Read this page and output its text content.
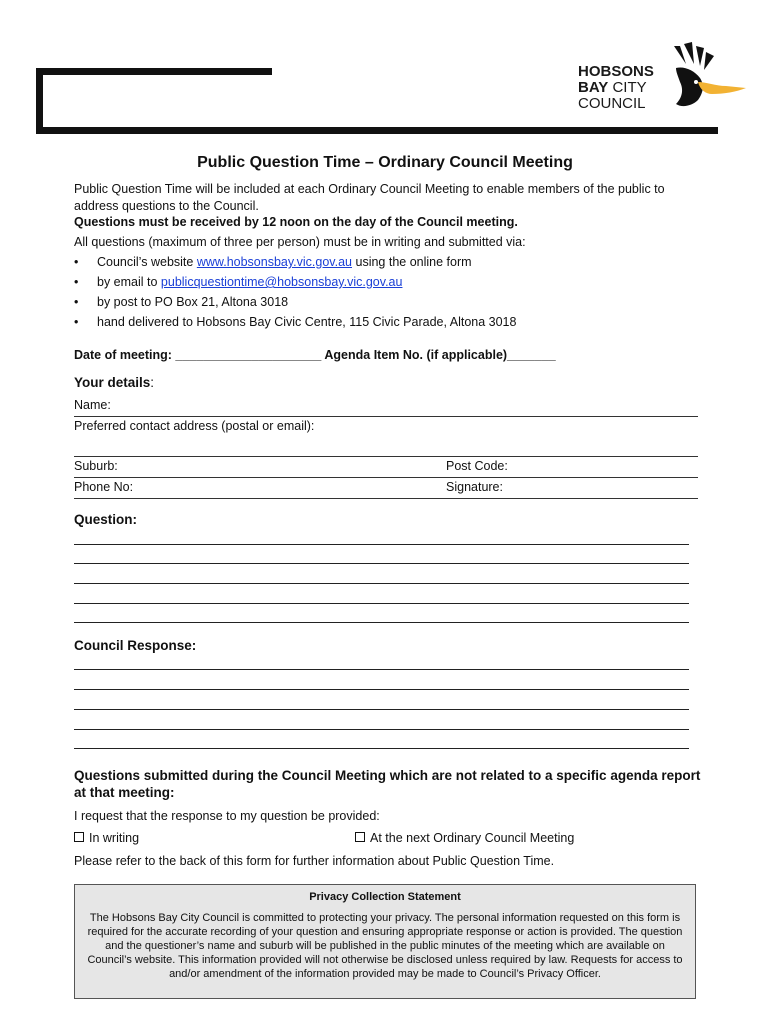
HOBSONS
BAY CITY
COUNCIL
Public Question Time – Ordinary Council Meeting
Public Question Time will be included at each Ordinary Council Meeting to enable members of the public to address questions to the Council.
Questions must be received by 12 noon on the day of the Council meeting.
All questions (maximum of three per person) must be in writing and submitted via:
• Council’s website www.hobsonsbay.vic.gov.au using the online form
• by email to publicquestiontime@hobsonsbay.vic.gov.au
• by post to PO Box 21, Altona 3018
• hand delivered to Hobsons Bay Civic Centre, 115 Civic Parade, Altona 3018
Date of meeting: _____________________ Agenda Item No. (if applicable)_______
Your details:
Name:
Preferred contact address (postal or email):
Suburb:	Post Code:
Phone No:	Signature:
Question:
Council Response:
Questions submitted during the Council Meeting which are not related to a specific agenda report at that meeting:
I request that the response to my question be provided:
In writing	At the next Ordinary Council Meeting
Please refer to the back of this form for further information about Public Question Time.
Privacy Collection Statement
The Hobsons Bay City Council is committed to protecting your privacy. The personal information requested on this form is required for the accurate recording of your question and ensuring appropriate response or action is provided. The question and the questioner’s name and suburb will be published in the public minutes of the meeting which are available on Council’s website. This information provided will not otherwise be disclosed unless required by law. Requests for access to and/or amendment of the information provided may be made to Council’s Privacy Officer.
